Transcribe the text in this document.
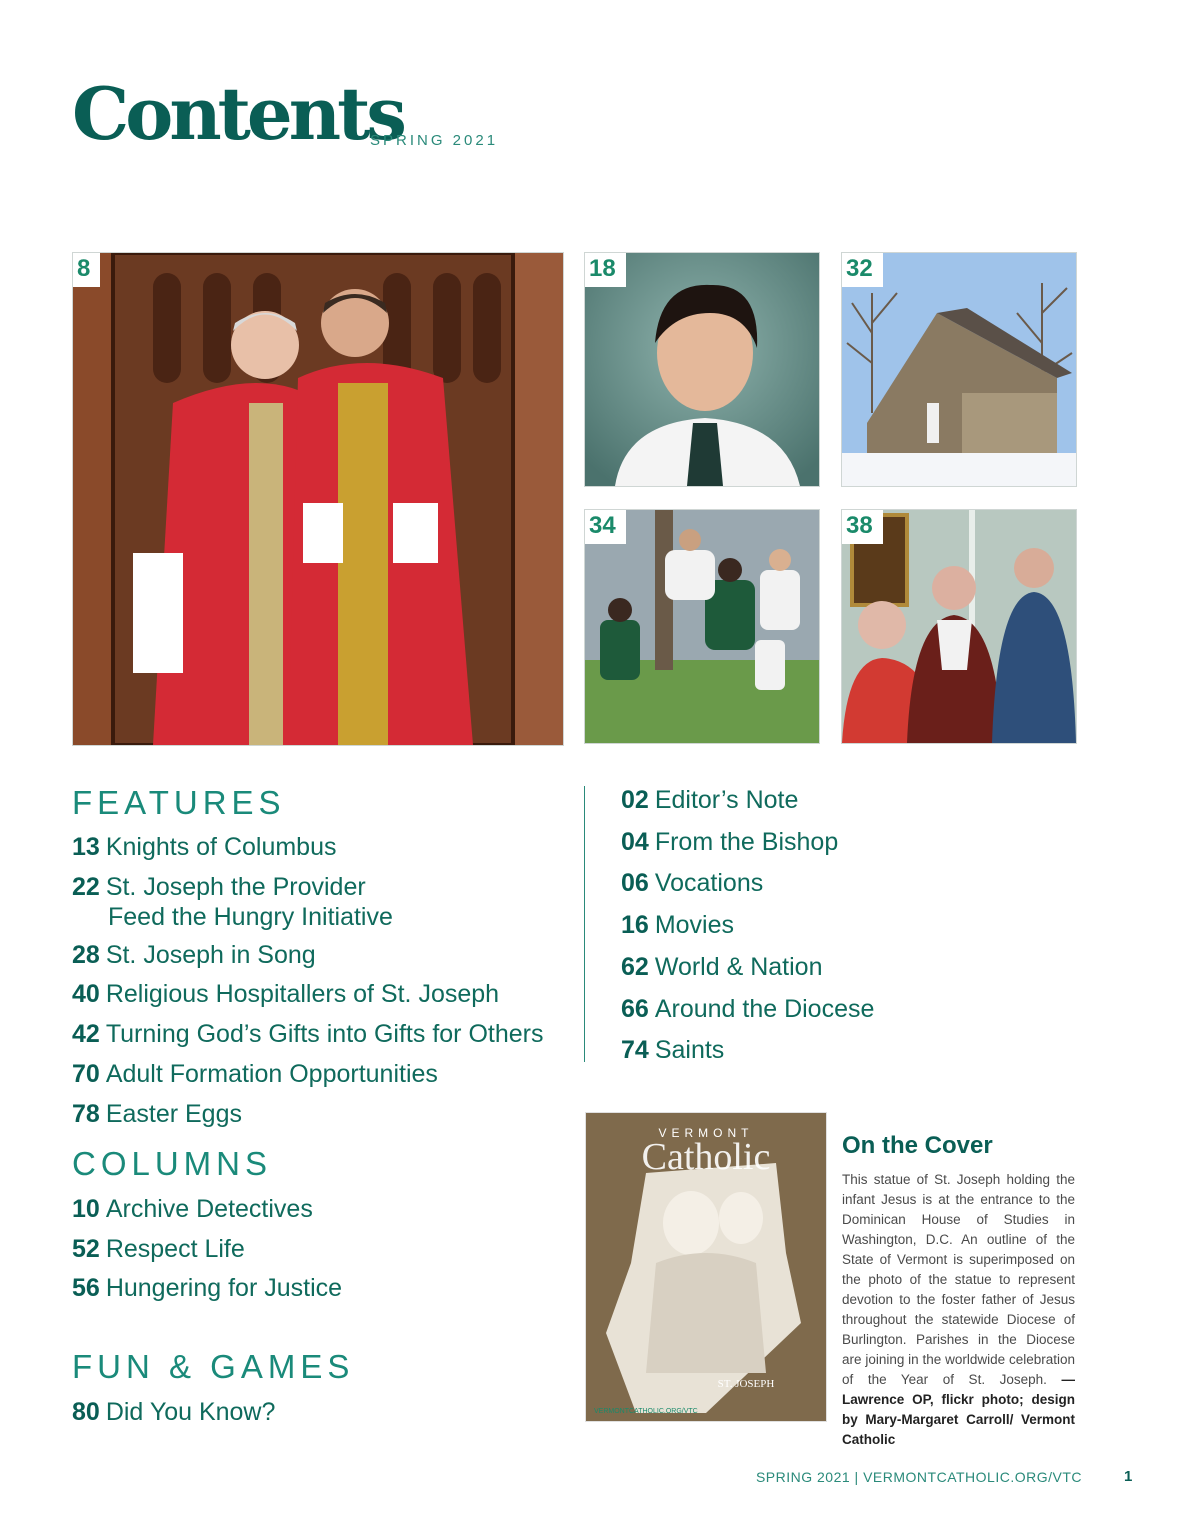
Contents
SPRING 2021
8	18	32
34	38
FEATURES
13 Knights of Columbus
22 St. Joseph the Provider
Feed the Hungry Initiative
28 St. Joseph in Song
40 Religious Hospitallers of St. Joseph
42 Turning God’s Gifts into Gifts for Others
70 Adult Formation Opportunities
78 Easter Eggs
COLUMNS
10 Archive Detectives
52 Respect Life
56 Hungering for Justice
FUN & GAMES
80 Did You Know?
02 Editor’s Note
04 From the Bishop
06 Vocations
16 Movies
62 World & Nation
66 Around the Diocese
74 Saints
VERMONT
Catholic
ST. JOSEPH
VERMONTCATHOLIC.ORG/VTC
On the Cover
This statue of St. Joseph holding the infant Jesus is at the entrance to the Dominican House of Studies in Washington, D.C. An outline of the State of Vermont is superimposed on the photo of the statue to represent devotion to the foster father of Jesus throughout the statewide Diocese of Burlington. Parishes in the Diocese are joining in the worldwide celebration of the Year of St. Joseph. — Lawrence OP, flickr photo; design by Mary-Margaret Carroll/ Vermont Catholic
SPRING 2021 | VERMONTCATHOLIC.ORG/VTC	1
